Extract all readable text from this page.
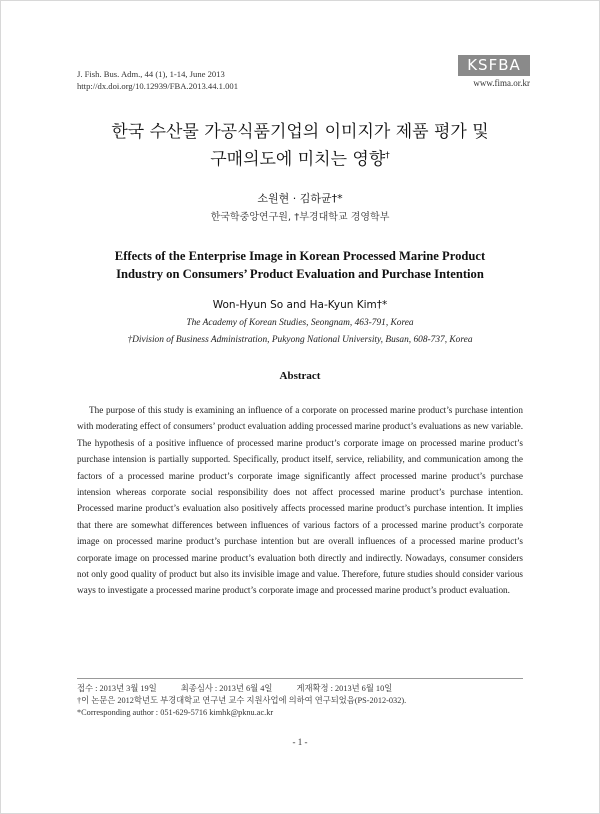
J. Fish. Bus. Adm., 44 (1), 1-14, June 2013
http://dx.doi.org/10.12939/FBA.2013.44.1.001
KSFBA
www.fima.or.kr
한국 수산물 가공식품기업의 이미지가 제품 평가 및
구매의도에 미치는 영향†
소원현 · 김하균†*
한국학중앙연구원, †부경대학교 경영학부
Effects of the Enterprise Image in Korean Processed Marine Product
Industry on Consumers’ Product Evaluation and Purchase Intention
Won-Hyun So and Ha-Kyun Kim†*
The Academy of Korean Studies, Seongnam, 463-791, Korea
†Division of Business Administration, Pukyong National University, Busan, 608-737, Korea
Abstract

The purpose of this study is examining an influence of a corporate on processed marine product’s purchase intention with moderating effect of consumers’ product evaluation adding processed marine product’s evaluations as new variable. The hypothesis of a positive influence of processed marine product’s corporate image on processed marine product’s purchase intension is partially supported. Specifically, product itself, service, reliability, and communication among the factors of a processed marine product’s corporate image significantly affect processed marine product’s purchase intension whereas corporate social responsibility does not affect processed marine product’s purchase intention. Processed marine product’s evaluation also positively affects processed marine product’s purchase intention. It implies that there are somewhat differences between influences of various factors of a processed marine product’s corporate image on processed marine product’s purchase intention but are overall influences of a processed marine product’s corporate image on processed marine product’s evaluation both directly and indirectly. Nowadays, consumer considers not only good quality of product but also its invisible image and value. Therefore, future studies should consider various ways to investigate a processed marine product’s corporate image and processed marine product’s product evaluation.

접수 : 2013년 3월 19일	최종심사 : 2013년 6월 4일	게재확정 : 2013년 6월 10일
†이 논문은 2012학년도 부경대학교 연구년 교수 지원사업에 의하여 연구되었음(PS-2012-032).
*Corresponding author : 051-629-5716 kimhk@pknu.ac.kr
- 1 -
